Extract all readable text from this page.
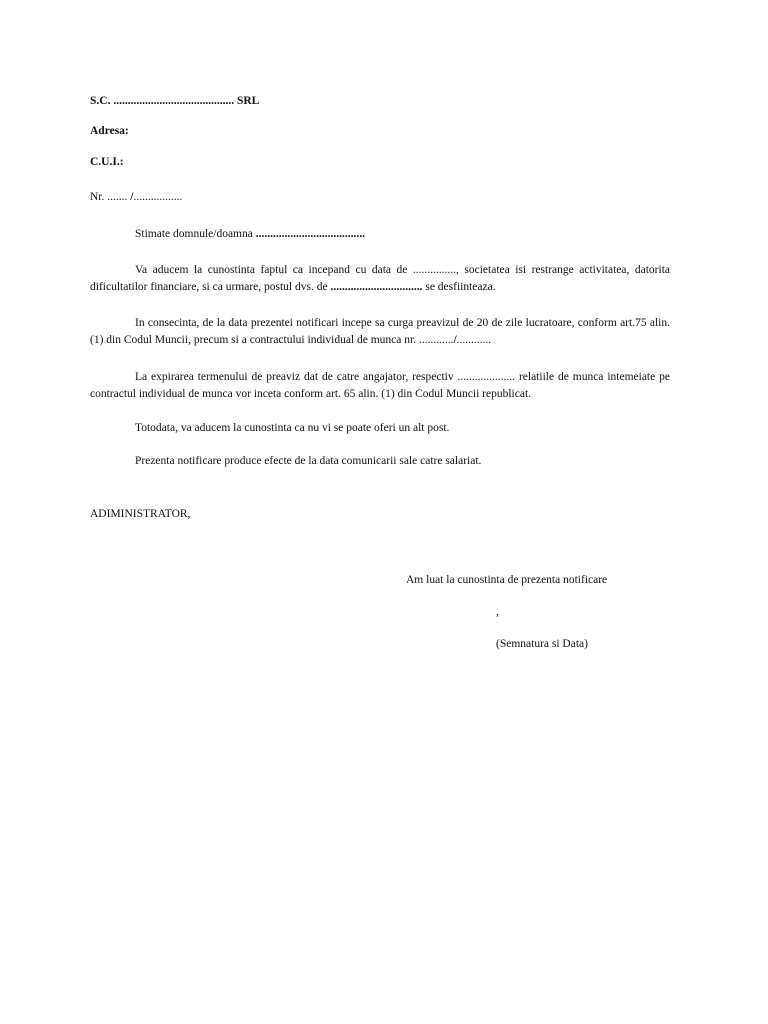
S.C. .......................................... SRL
Adresa:
C.U.I.:
Nr. ....... /.................
Stimate domnule/doamna ......................................
Va aducem la cunostinta faptul ca incepand cu data de ..............., societatea isi restrange activitatea, datorita dificultatilor financiare, si ca urmare, postul dvs. de ................................ se desfiinteaza.
In consecinta, de la data prezentei notificari incepe sa curga preavizul de 20 de zile lucratoare, conform art.75 alin.(1) din Codul Muncii, precum si a contractului individual de munca nr. ............/............
La expirarea termenului de preaviz dat de catre angajator, respectiv .................... relatiile de munca intemeiate pe contractul individual de munca vor inceta conform art. 65 alin. (1) din Codul Muncii republicat.
Totodata, va aducem la cunostinta ca nu vi se poate oferi un alt post.
Prezenta notificare produce efecte de la data comunicarii sale catre salariat.
ADIMINISTRATOR,
Am luat la cunostinta de prezenta notificare
,
(Semnatura si Data)
